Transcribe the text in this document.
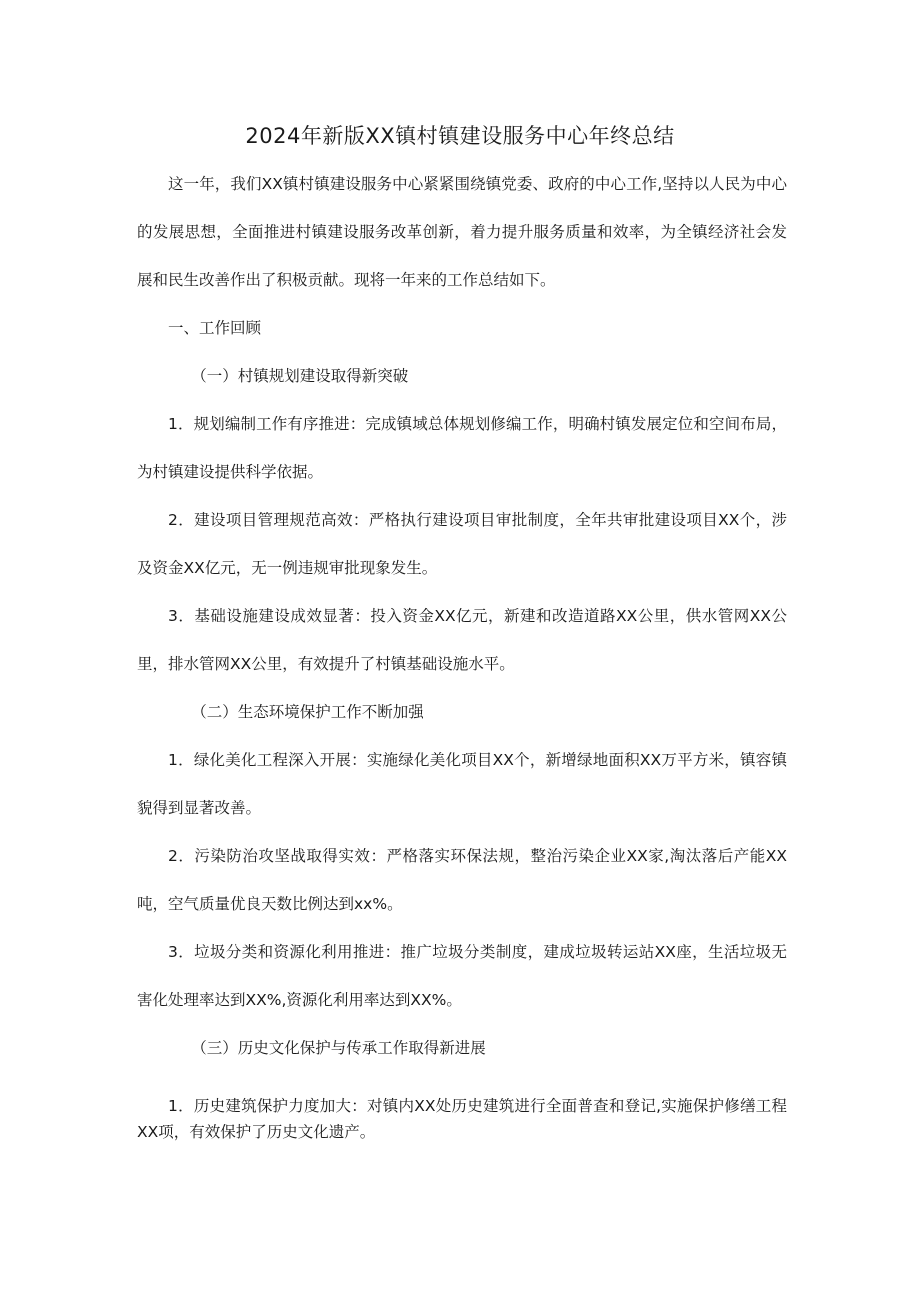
2024年新版XX镇村镇建设服务中心年终总结

这一年，我们XX镇村镇建设服务中心紧紧围绕镇党委、政府的中心工作,坚持以人民为中心的发展思想，全面推进村镇建设服务改革创新，着力提升服务质量和效率，为全镇经济社会发展和民生改善作出了积极贡献。现将一年来的工作总结如下。

一、工作回顾

（一）村镇规划建设取得新突破

1．规划编制工作有序推进：完成镇域总体规划修编工作，明确村镇发展定位和空间布局，为村镇建设提供科学依据。

2．建设项目管理规范高效：严格执行建设项目审批制度，全年共审批建设项目XX个，涉及资金XX亿元，无一例违规审批现象发生。

3．基础设施建设成效显著：投入资金XX亿元，新建和改造道路XX公里，供水管网XX公里，排水管网XX公里，有效提升了村镇基础设施水平。

（二）生态环境保护工作不断加强

1．绿化美化工程深入开展：实施绿化美化项目XX个，新增绿地面积XX万平方米，镇容镇貌得到显著改善。

2．污染防治攻坚战取得实效：严格落实环保法规，整治污染企业XX家,淘汰落后产能XX吨，空气质量优良天数比例达到xx%。

3．垃圾分类和资源化利用推进：推广垃圾分类制度，建成垃圾转运站XX座，生活垃圾无害化处理率达到XX%,资源化利用率达到XX%。

（三）历史文化保护与传承工作取得新进展

1．历史建筑保护力度加大：对镇内XX处历史建筑进行全面普查和登记,实施保护修缮工程XX项，有效保护了历史文化遗产。
